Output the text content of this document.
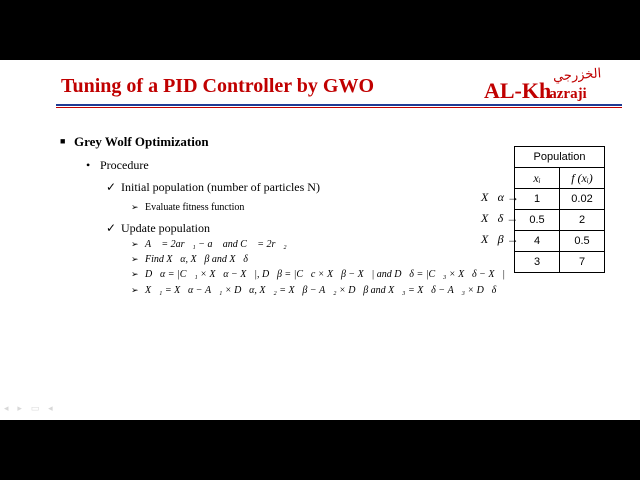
Tuning of a PID Controller by GWO	الخزرجي
AL-Khazraji
■ Grey Wolf Optimization
• Procedure
✓ Initial population (number of particles N)
➢ Evaluate fitness function
✓ Update population
➢ A⃗ = 2ar⃗₁ − a⃗ and C⃗ = 2r⃗₂
➢ Find X⃗α, X⃗β and X⃗δ
➢ D⃗α = |C⃗₁ × X⃗α − X⃗|, D⃗β = |C⃗c × X⃗β − X⃗| and D⃗δ = |C⃗₃ × X⃗δ − X⃗|
➢ X⃗₁ = X⃗α − A⃗₁ × D⃗α, X⃗₂ = X⃗β − A⃗₂ × D⃗β and X⃗₃ = X⃗δ − A⃗₃ × D⃗δ
Population	
xᵢ	f (xᵢ)
1	0.02
0.5	2
4	0.5
3	7
X⃗α →
X⃗δ →
X⃗β →
◂ ▸ ▭ ◂
